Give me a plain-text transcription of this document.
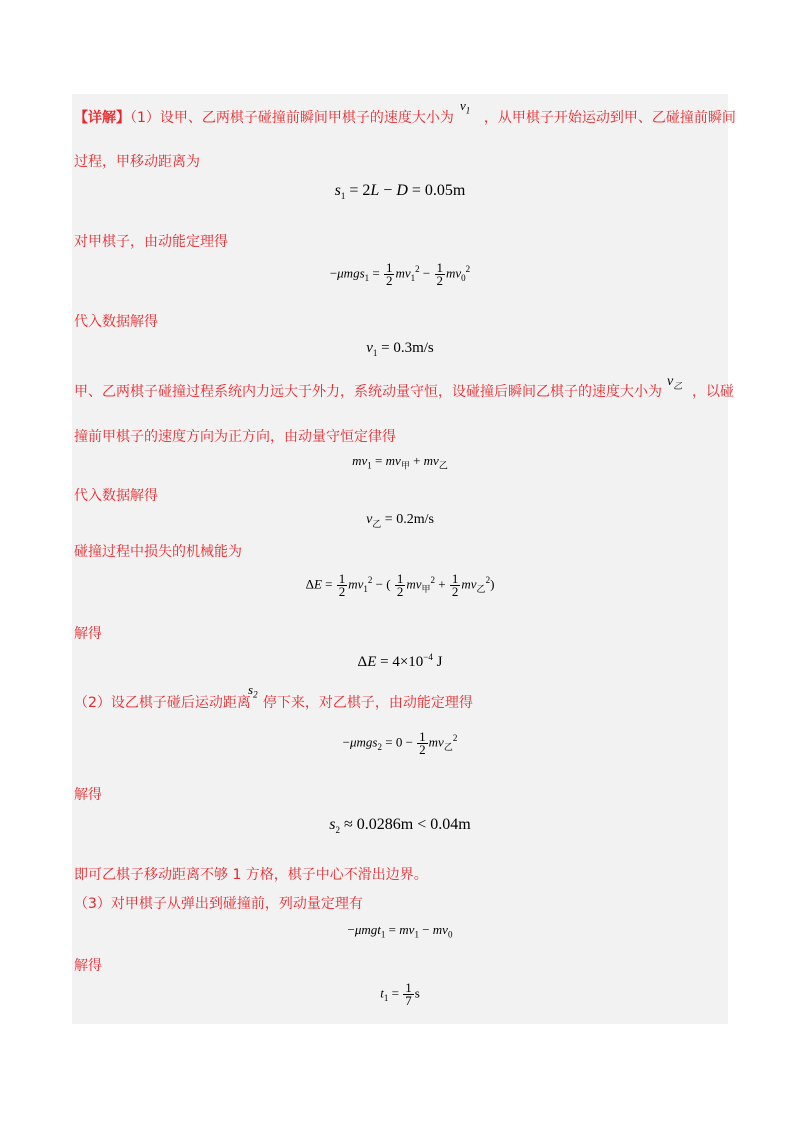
【详解】（1）设甲、乙两棋子碰撞前瞬间甲棋子的速度大小为 ，从甲棋子开始运动到甲、乙碰撞前瞬间
$v_1$
过程，甲移动距离为
$s_1 = 2L - D = 0.05m$
对甲棋子，由动能定理得
$-\mu mgs_1 = \frac{1}{2} mv_1^2 - \frac{1}{2} mv_0^2$
代入数据解得
$v_1 = 0.3m/s$
甲、乙两棋子碰撞过程系统内力远大于外力，系统动量守恒，设碰撞后瞬间乙棋子的速度大小为 ，以碰
$v_乙$
撞前甲棋子的速度方向为正方向，由动量守恒定律得
$mv_1 = mv_甲 + mv_乙$
代入数据解得
$v_乙 = 0.2m/s$
碰撞过程中损失的机械能为
$\Delta E = \frac{1}{2} mv_1^2$ − ( $\frac{1}{2} mv_甲^2 + \frac{1}{2} mv_乙^2$)
解得
$\Delta E = 4\times 10^{-4}$ J
（2）设乙棋子碰后运动距离 停下来，对乙棋子，由动能定理得
$s_2$
$-\mu mgs_2 = 0 - \frac{1}{2} mv_乙^2$
解得
$s_2 \approx 0.0286m < 0.04m$
即可乙棋子移动距离不够 1 方格，棋子中心不滑出边界。
（3）对甲棋子从弹出到碰撞前，列动量定理有
$-\mu mgt_1 = mv_1 - mv_0$
解得
$t_1 = \frac{1}{7}$ s
